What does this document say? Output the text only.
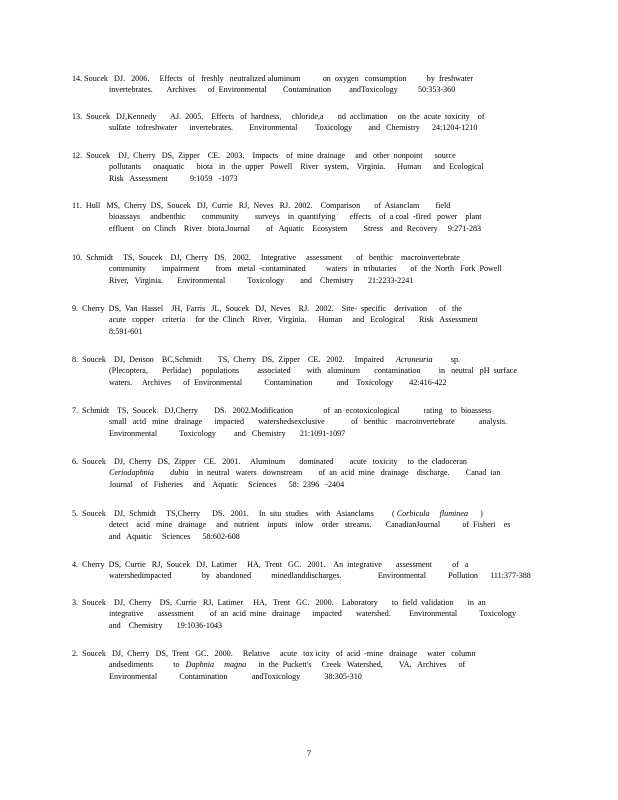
14. Soucek   DJ.   2006.     Effects   of   freshly   neutralized aluminum           on  oxygen   consumption          by  freshwater
invertebrates.       Archives      of  Environmental        Contamination         andToxicology          50:353-360
13.  Soucek   DJ,Kennedy       AJ.  2005.    Effects   of  hardness,     chloride,a       nd  acclimation     on  the  acute  toxicity    of
sulfate   tofreshwater      invertebrates.        Environmental         Toxicology        and   Chemistry      24:1204-1210
12.  Soucek    DJ,  Cherry   DS,  Zipper    CE.   2003.    Impacts    of  mine  drainage     and   other  nonpoint      source
pollutants      onaquatic      biota   in   the  upper   Powell    River   system,    Virginia.      Human      and  Ecological
Risk   Assessment           9:1059   -1073
11.  Hull   MS,  Cherry  DS,  Soucek   DJ,  Currie   RJ,  Neves   RJ.  2002.    Comparison       of  Asianclam        field
bioassays     andbenthic        community        surveys    in  quantifying       effects    of  a coal  -fired   power    plant
effluent    on  Clinch    River   biota.Journal        of   Aquatic    Ecosystem        Stress    and  Recovery     9:271-283
10.  Schmidt     TS,  Soucek    DJ,  Cherry   DS.   2002.     Integrative     assessment       of   benthic    macroinvertebrate
community        impairment        from   metal  -contaminated          waters   in  tributaries       of  the  North   Fork  Powell
River,   Virginia.       Environmental           Toxicology        and    Chemistry       21:2233-2241
9.  Cherry  DS,  Van  Hassel    JH,  Farris   JL,  Soucek   DJ,  Neves    RJ.   2002.    Site-  specific    derivation      of   the
acute   copper    criteria     for  the  Clinch    River,   Virginia.      Human     and   Ecological       Risk   Assessment
8:591-601
8.  Soucek    DJ,  Denson    BC,Schmidt        TS,  Cherry   DS,  Zipper    CE.   2002.     Impaired      Acroneuria         sp.
(Plecoptera,       Perlidae)     populations         associated        with   aluminum       contamination         in   neutral   pH  surface
waters.     Archives      of  Environmental           Contamination            and    Toxicology        42:416-422
7.  Schmidt    TS,  Soucek    DJ,Cherry        DS.   2002.Modification               of  an  ecotoxicological            rating    to  bioassess
small   acid   mine   drainage      impacted       watershedsexclusive             of   benthic    macroinvertebrate            analysis.
Environmental           Toxicology         and   Chemistry       21:1091-1097
6.  Soucek    DJ,  Cherry   DS,  Zipper    CE.   2001.     Aluminum       dominated        acute   toxicity     to  the  cladoceran
Ceriodaphnia dubia    in  neutral   waters   downstream        of  an  acid  mine   drainage    discharge.        Canad  ian
Journal    of   Fisheries     and    Aquatic     Sciences      58:  2396   -2404
5.  Soucek    DJ,  Schmidt     TS,Cherry      DS.   2001.     In  situ  studies    with   Asianclams         ( Corbicula fluminea      )
detect    acid   mine   drainage     and   nutrient    inputs    inlow    order   streams.       CanadianJournal           of  Fisheri    es
and   Aquatic     Sciences      58:602-608
4.  Cherry  DS,  Currie   RJ,  Soucek   DJ,  Latimer     HA,  Trent   GC.   2001.    An  integrative       assessment          of   a
watershedimpacted               by   abandoned          minedlanddischarges.                  Environmental           Pollution      111:377-388
3.  Soucek    DJ,  Cherry    DS,  Currie   RJ,  Latimer     HA,   Trent   GC.   2000.    Laboratory       to  field  validation       in  an
integrative       assessment        of  an  acid  mine   drainage      impacted       watershed.         Environmental           Toxicology
and    Chemistry       19:1036-1043
2.  Soucek   DJ,  Cherry   DS,  Trent   GC.   2000.     Relative     acute   tox icity   of  acid  -mine   drainage     water   column
andsediments          to   Daphnia magna      in  the  Puckett's     Creek   Watershed,        VA.   Archives      of
Environmental           Contamination            andToxicology            38:305-310
7
